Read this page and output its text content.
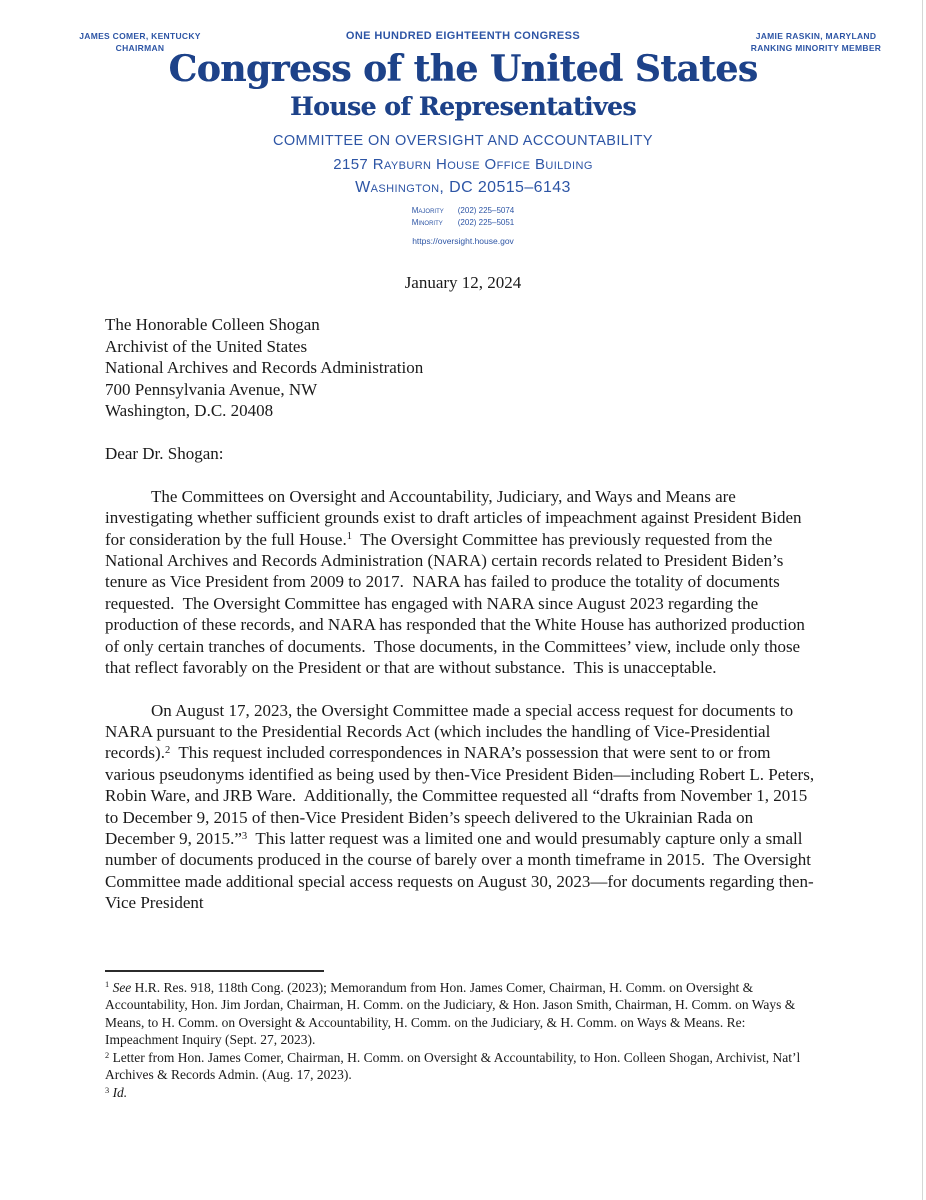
JAMES COMER, KENTUCKY
CHAIRMAN
JAMIE RASKIN, MARYLAND
RANKING MINORITY MEMBER
ONE HUNDRED EIGHTEENTH CONGRESS
Congress of the United States
House of Representatives
COMMITTEE ON OVERSIGHT AND ACCOUNTABILITY
2157 Rayburn House Office Building
Washington, DC 20515–6143
Majority	(202) 225–5074
Minority	(202) 225–5051
https://oversight.house.gov
January 12, 2024
The Honorable Colleen Shogan
Archivist of the United States
National Archives and Records Administration
700 Pennsylvania Avenue, NW
Washington, D.C. 20408
Dear Dr. Shogan:

The Committees on Oversight and Accountability, Judiciary, and Ways and Means are investigating whether sufficient grounds exist to draft articles of impeachment against President Biden for consideration by the full House.$^1$  The Oversight Committee has previously requested from the National Archives and Records Administration (NARA) certain records related to President Biden’s tenure as Vice President from 2009 to 2017.  NARA has failed to produce the totality of documents requested.  The Oversight Committee has engaged with NARA since August 2023 regarding the production of these records, and NARA has responded that the White House has authorized production of only certain tranches of documents.  Those documents, in the Committees’ view, include only those that reflect favorably on the President or that are without substance.  This is unacceptable.

On August 17, 2023, the Oversight Committee made a special access request for documents to NARA pursuant to the Presidential Records Act (which includes the handling of Vice-Presidential records).$^2$  This request included correspondences in NARA’s possession that were sent to or from various pseudonyms identified as being used by then-Vice President Biden—including Robert L. Peters, Robin Ware, and JRB Ware.  Additionally, the Committee requested all “drafts from November 1, 2015 to December 9, 2015 of then-Vice President Biden’s speech delivered to the Ukrainian Rada on December 9, 2015.”$^3$  This latter request was a limited one and would presumably capture only a small number of documents produced in the course of barely over a month timeframe in 2015.  The Oversight Committee made additional special access requests on August 30, 2023—for documents regarding then-Vice President

$^1$ See H.R. Res. 918, 118th Cong. (2023); Memorandum from Hon. James Comer, Chairman, H. Comm. on Oversight & Accountability, Hon. Jim Jordan, Chairman, H. Comm. on the Judiciary, & Hon. Jason Smith, Chairman, H. Comm. on Ways & Means, to H. Comm. on Oversight & Accountability, H. Comm. on the Judiciary, & H. Comm. on Ways & Means. Re: Impeachment Inquiry (Sept. 27, 2023).
$^2$ Letter from Hon. James Comer, Chairman, H. Comm. on Oversight & Accountability, to Hon. Colleen Shogan, Archivist, Nat’l Archives & Records Admin. (Aug. 17, 2023).
$^3$ Id.
